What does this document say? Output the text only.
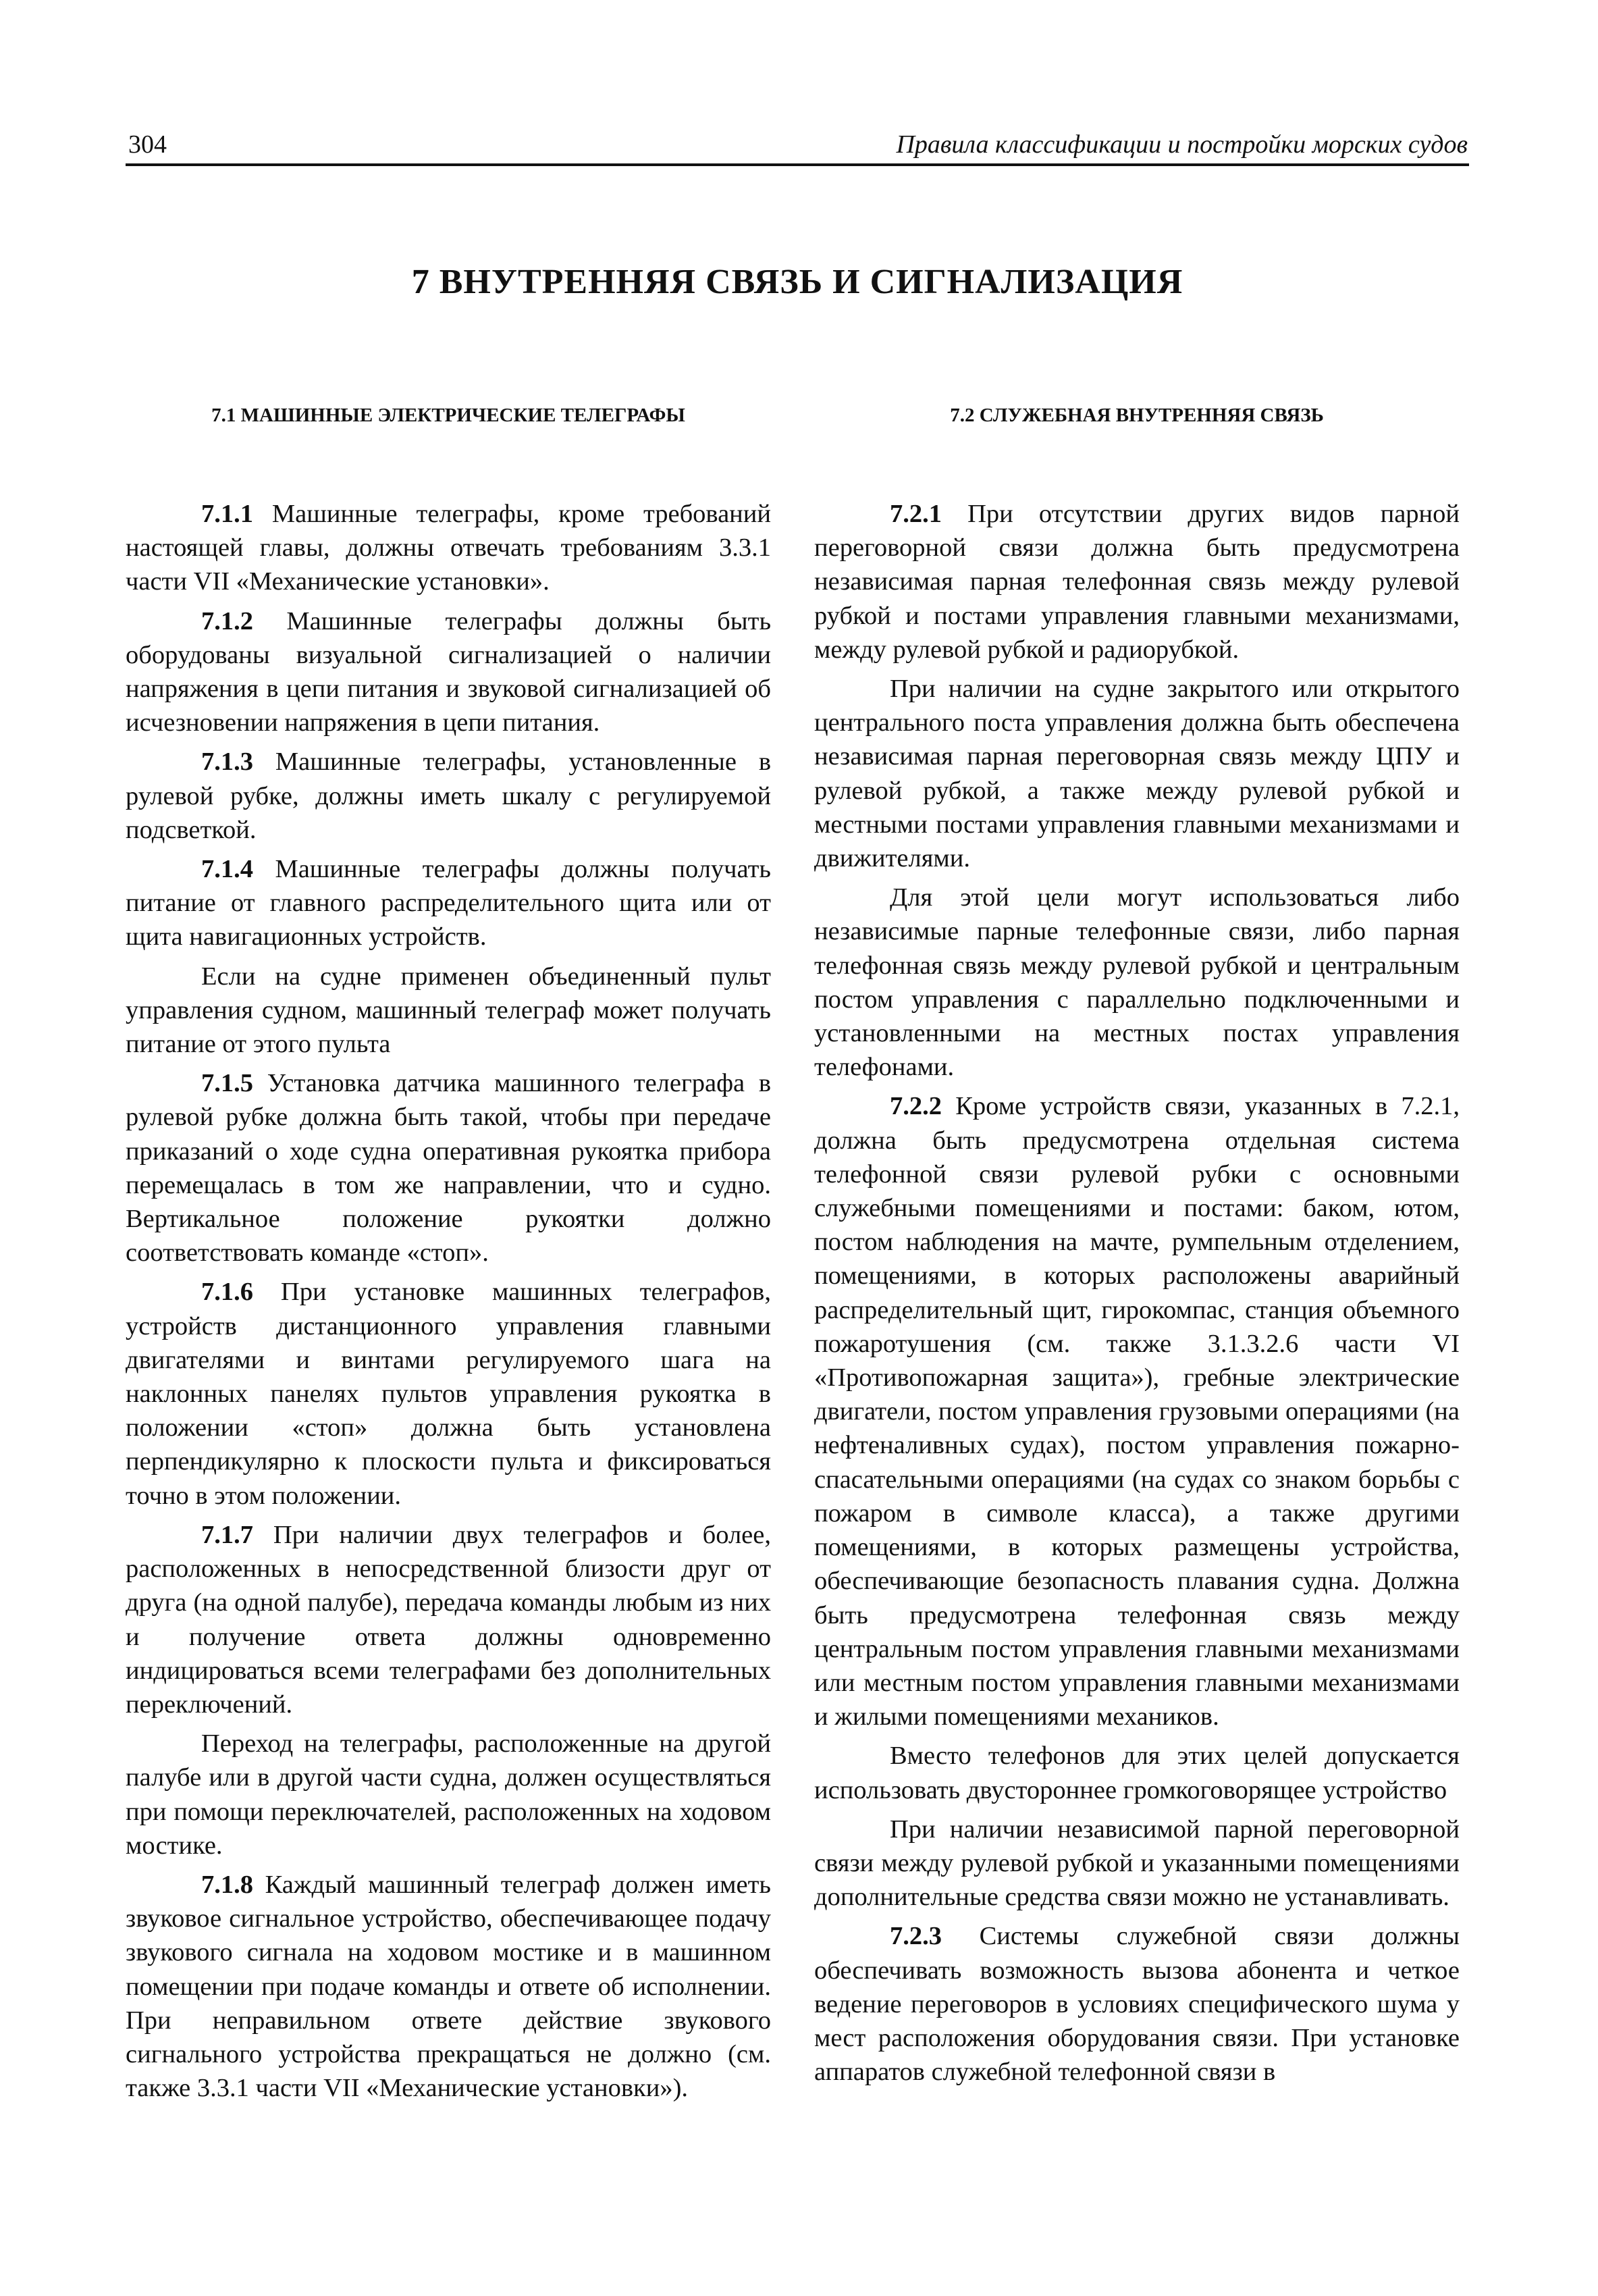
304	Правила классификации и постройки морских судов
7 ВНУТРЕННЯЯ СВЯЗЬ И СИГНАЛИЗАЦИЯ
7.1 МАШИННЫЕ ЭЛЕКТРИЧЕСКИЕ ТЕЛЕГРАФЫ

7.1.1 Машинные телеграфы, кроме требований настоящей главы, должны отвечать требованиям 3.3.1 части VII «Механические установки».

7.1.2 Машинные телеграфы должны быть оборудованы визуальной сигнализацией о наличии напряжения в цепи питания и звуковой сигнализацией об исчезновении напряжения в цепи питания.

7.1.3 Машинные телеграфы, установленные в рулевой рубке, должны иметь шкалу с регулируемой подсветкой.

7.1.4 Машинные телеграфы должны получать питание от главного распределительного щита или от щита навигационных устройств.

Если на судне применен объединенный пульт управления судном, машинный телеграф может получать питание от этого пульта

7.1.5 Установка датчика машинного телеграфа в рулевой рубке должна быть такой, чтобы при передаче приказаний о ходе судна оперативная рукоятка прибора перемещалась в том же направлении, что и судно. Вертикальное положение рукоятки должно соответствовать команде «стоп».

7.1.6 При установке машинных телеграфов, устройств дистанционного управления главными двигателями и винтами регулируемого шага на наклонных панелях пультов управления рукоятка в положении «стоп» должна быть установлена перпендикулярно к плоскости пульта и фиксироваться точно в этом положении.

7.1.7 При наличии двух телеграфов и более, расположенных в непосредственной близости друг от друга (на одной палубе), передача команды любым из них и получение ответа должны одновременно индицироваться всеми телеграфами без дополнительных переключений.

Переход на телеграфы, расположенные на другой палубе или в другой части судна, должен осуществляться при помощи переключателей, расположенных на ходовом мостике.

7.1.8 Каждый машинный телеграф должен иметь звуковое сигнальное устройство, обеспечивающее подачу звукового сигнала на ходовом мостике и в машинном помещении при подаче команды и ответе об исполнении. При неправильном ответе действие звукового сигнального устройства прекращаться не должно (см. также 3.3.1 части VII «Механические установки»).

7.2 СЛУЖЕБНАЯ ВНУТРЕННЯЯ СВЯЗЬ

7.2.1 При отсутствии других видов парной переговорной связи должна быть предусмотрена независимая парная телефонная связь между рулевой рубкой и постами управления главными механизмами, между рулевой рубкой и радиорубкой.

При наличии на судне закрытого или открытого центрального поста управления должна быть обеспечена независимая парная переговорная связь между ЦПУ и рулевой рубкой, а также между рулевой рубкой и местными постами управления главными механизмами и движителями.

Для этой цели могут использоваться либо независимые парные телефонные связи, либо парная телефонная связь между рулевой рубкой и центральным постом управления с параллельно подключенными и установленными на местных постах управления телефонами.

7.2.2 Кроме устройств связи, указанных в 7.2.1, должна быть предусмотрена отдельная система телефонной связи рулевой рубки с основными служебными помещениями и постами: баком, ютом, постом наблюдения на мачте, румпельным отделением, помещениями, в которых расположены аварийный распределительный щит, гирокомпас, станция объемного пожаротушения (см. также 3.1.3.2.6 части VI «Противопожарная защита»), гребные электрические двигатели, постом управления грузовыми операциями (на нефтеналивных судах), постом управления пожарно-спасательными операциями (на судах со знаком борьбы с пожаром в символе класса), а также другими помещениями, в которых размещены устройства, обеспечивающие безопасность плавания судна. Должна быть предусмотрена телефонная связь между центральным постом управления главными механизмами или местным постом управления главными механизмами и жилыми помещениями механиков.

Вместо телефонов для этих целей допускается использовать двустороннее громкоговорящее устройство

При наличии независимой парной переговорной связи между рулевой рубкой и указанными помещениями дополнительные средства связи можно не устанавливать.

7.2.3 Системы служебной связи должны обеспечивать возможность вызова абонента и четкое ведение переговоров в условиях специфического шума у мест расположения оборудования связи. При установке аппаратов служебной телефонной связи в
